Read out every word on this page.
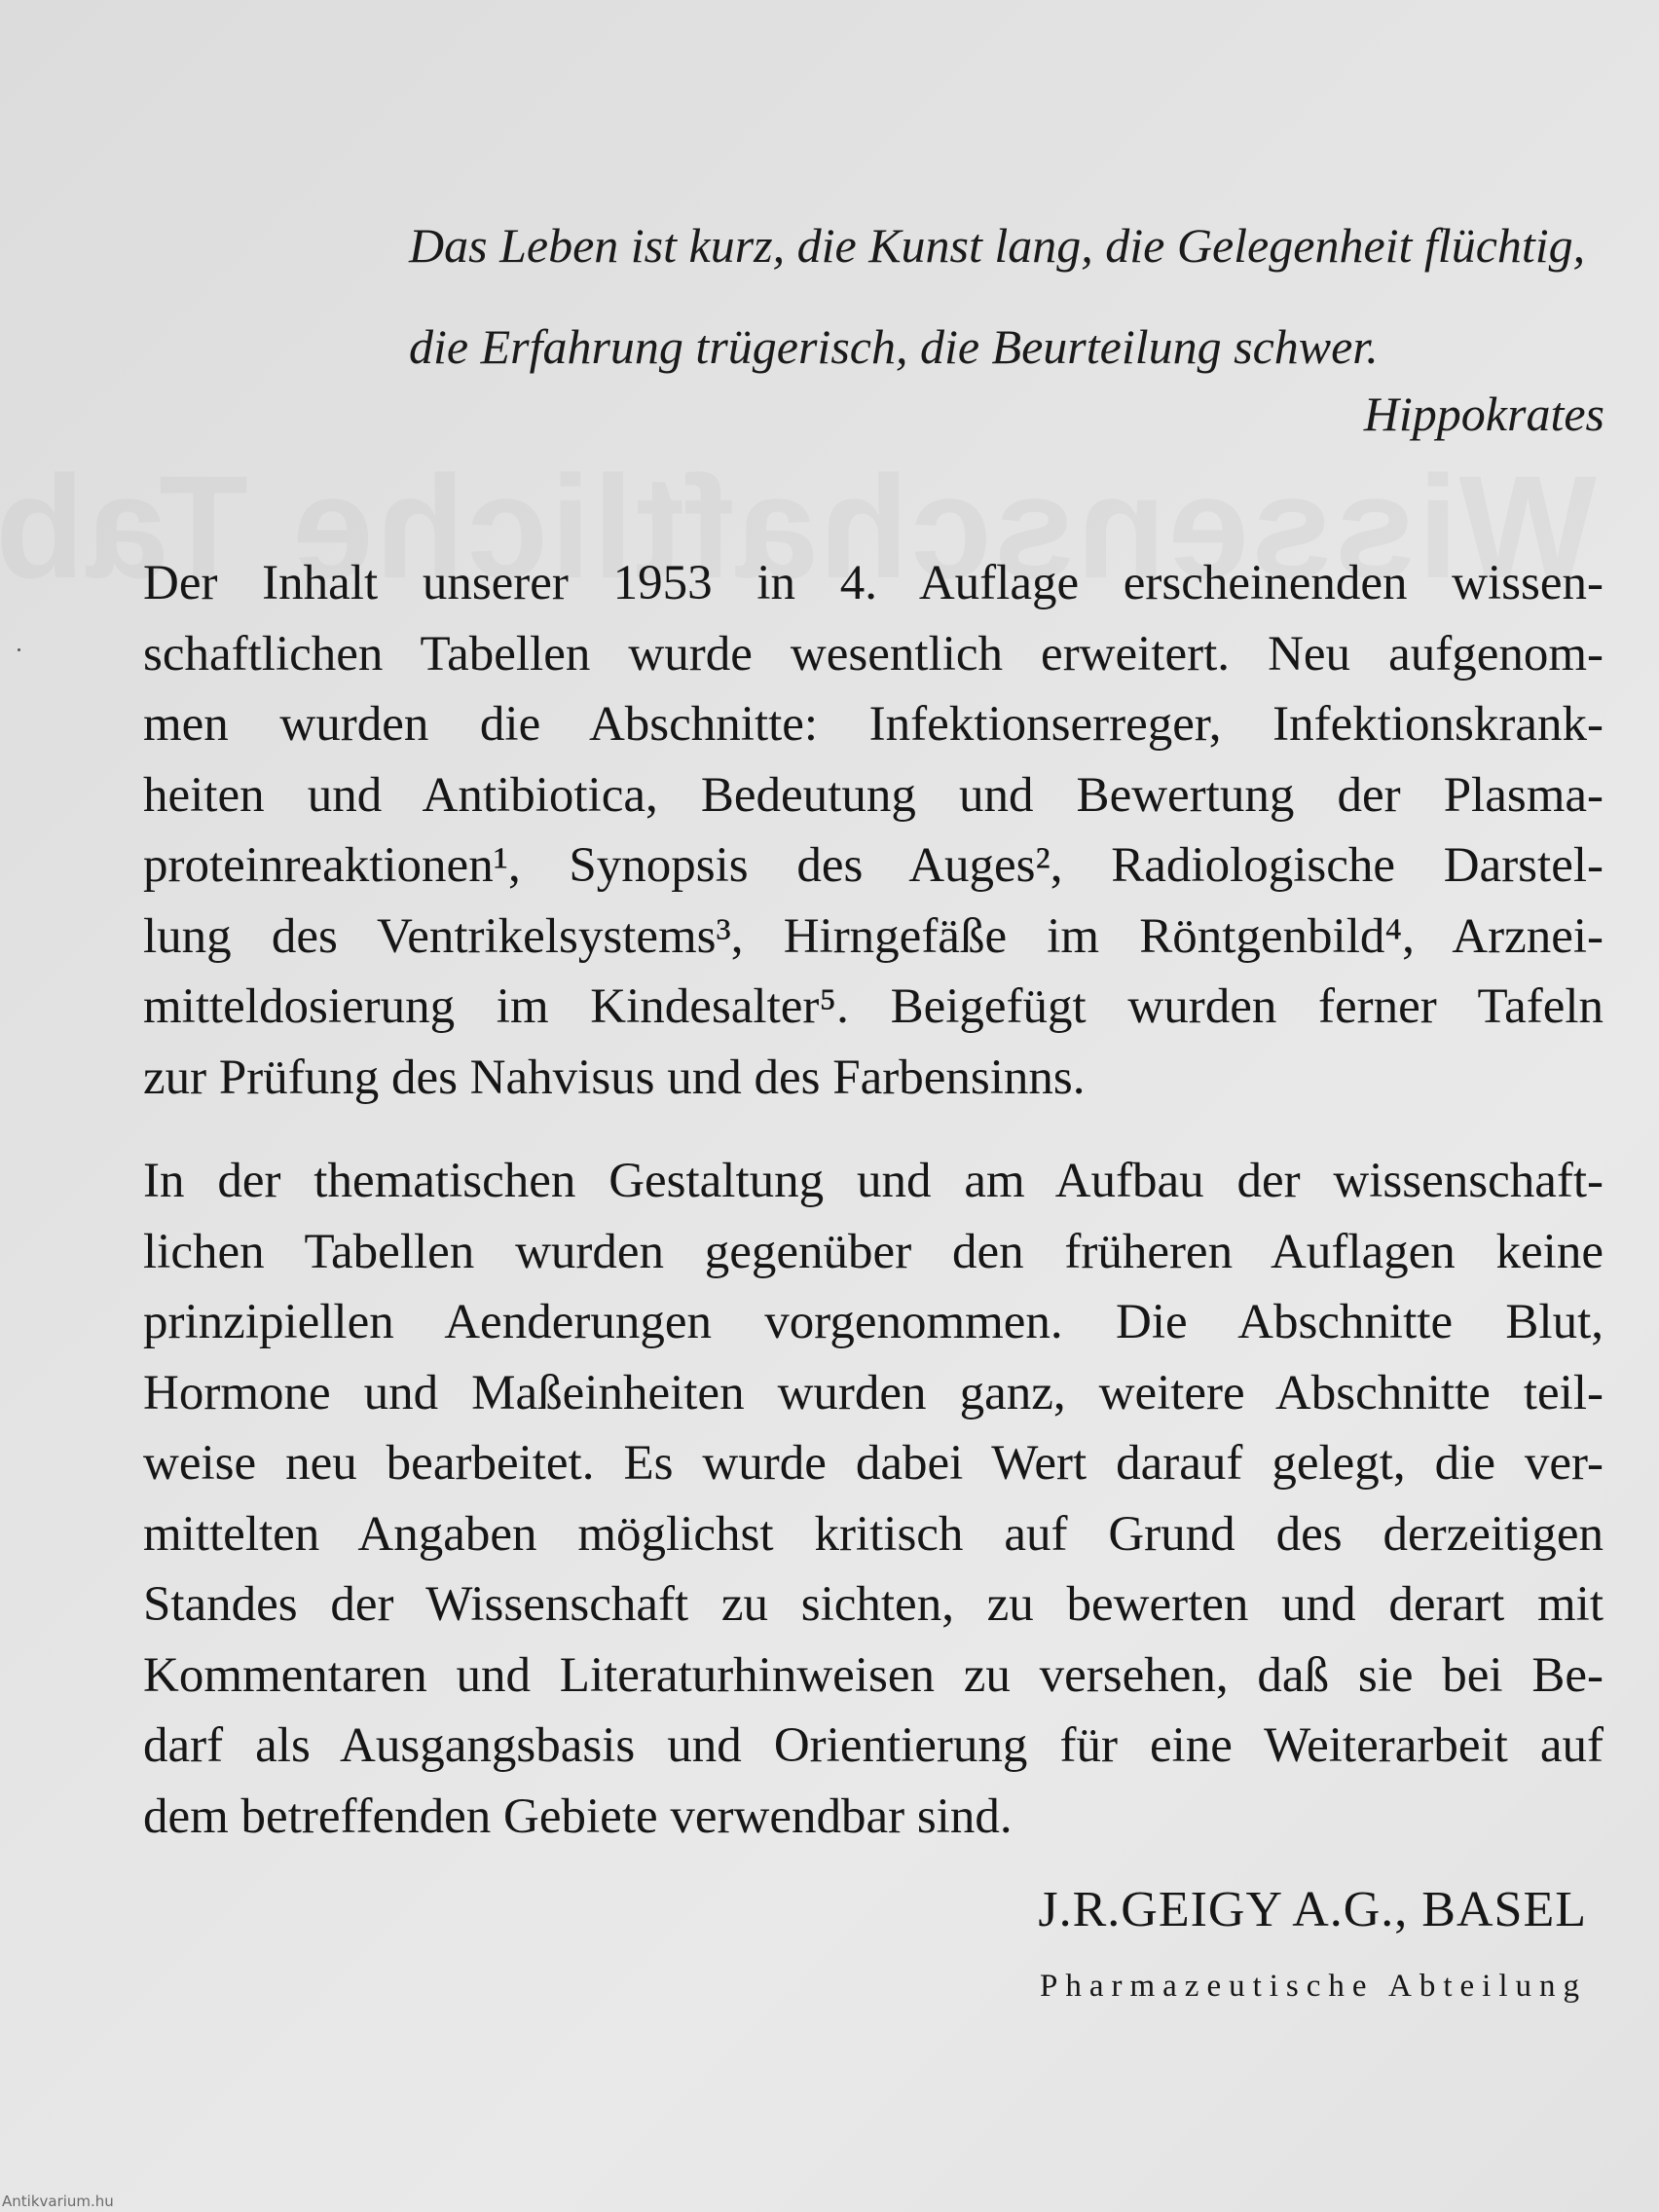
Das Leben ist kurz, die Kunst lang, die Gelegenheit flüchtig,
die Erfahrung trügerisch, die Beurteilung schwer.
Hippokrates
Der Inhalt unserer 1953 in 4. Auflage erscheinenden wissen-
schaftlichen Tabellen wurde wesentlich erweitert. Neu aufgenom-
men wurden die Abschnitte: Infektionserreger, Infektionskrank-
heiten und Antibiotica, Bedeutung und Bewertung der Plasma-
proteinreaktionen¹, Synopsis des Auges², Radiologische Darstel-
lung des Ventrikelsystems³, Hirngefäße im Röntgenbild⁴, Arznei-
mitteldosierung im Kindesalter⁵. Beigefügt wurden ferner Tafeln
zur Prüfung des Nahvisus und des Farbensinns.
In der thematischen Gestaltung und am Aufbau der wissenschaft-
lichen Tabellen wurden gegenüber den früheren Auflagen keine
prinzipiellen Aenderungen vorgenommen. Die Abschnitte Blut,
Hormone und Maßeinheiten wurden ganz, weitere Abschnitte teil-
weise neu bearbeitet. Es wurde dabei Wert darauf gelegt, die ver-
mittelten Angaben möglichst kritisch auf Grund des derzeitigen
Standes der Wissenschaft zu sichten, zu bewerten und derart mit
Kommentaren und Literaturhinweisen zu versehen, daß sie bei Be-
darf als Ausgangsbasis und Orientierung für eine Weiterarbeit auf
dem betreffenden Gebiete verwendbar sind.
J.R.GEIGY A.G., BASEL
Pharmazeutische Abteilung
Antikvarium.hu
